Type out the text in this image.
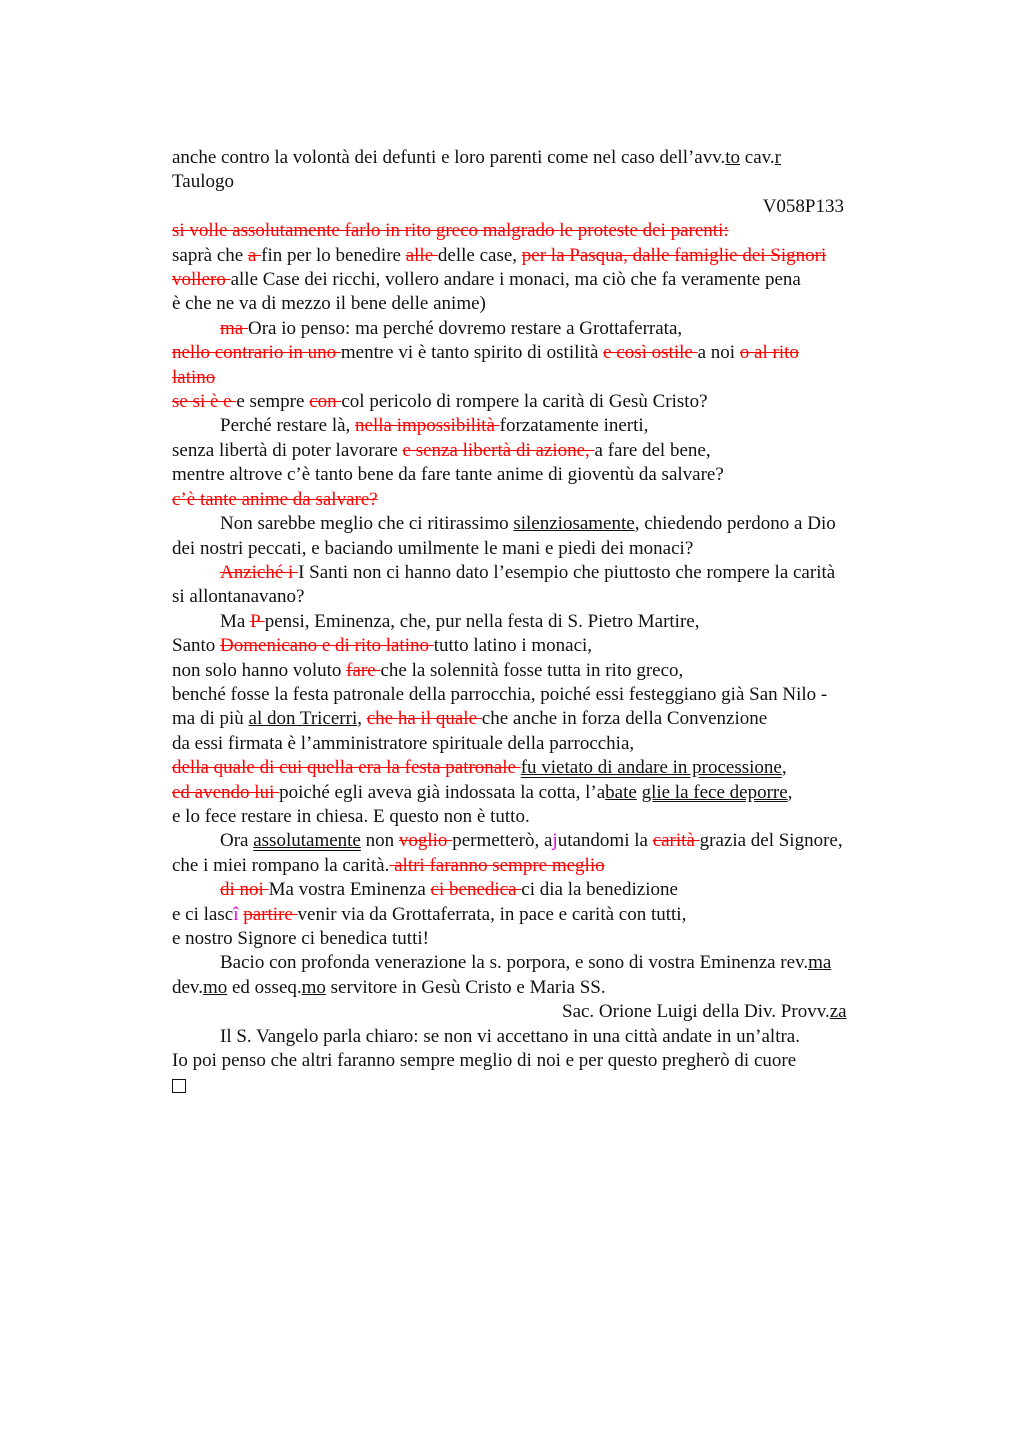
anche contro la volontà dei defunti e loro parenti come nel caso dell’avv.to cav.r
Taulogo
V058P133
si volle assolutamente farlo in rito greco malgrado le proteste dei parenti:
saprà che a fin per lo benedire alle delle case, per la Pasqua, dalle famiglie dei Signori
vollero alle Case dei ricchi, vollero andare i monaci, ma ciò che fa veramente pena
è che ne va di mezzo il bene delle anime)
ma Ora io penso: ma perché dovremo restare a Grottaferrata,
nello contrario in uno mentre vi è tanto spirito di ostilità e così ostile a noi o al rito
latino
se si è e e sempre con col pericolo di rompere la carità di Gesù Cristo?
Perché restare là, nella impossibilità forzatamente inerti,
senza libertà di poter lavorare e senza libertà di azione, a fare del bene,
mentre altrove c’è tanto bene da fare tante anime di gioventù da salvare?
c’è tante anime da salvare?
Non sarebbe meglio che ci ritirassimo silenziosamente, chiedendo perdono a Dio
dei nostri peccati, e baciando umilmente le mani e piedi dei monaci?
Anziché i I Santi non ci hanno dato l’esempio che piuttosto che rompere la carità
si allontanavano?
Ma P pensi, Eminenza, che, pur nella festa di S. Pietro Martire,
Santo Domenicano e di rito latino tutto latino i monaci,
non solo hanno voluto fare che la solennità fosse tutta in rito greco,
benché fosse la festa patronale della parrocchia, poiché essi festeggiano già San Nilo -
ma di più al don Tricerri, che ha il quale che anche in forza della Convenzione
da essi firmata è l’amministratore spirituale della parrocchia,
della quale di cui quella era la festa patronale fu vietato di andare in processione,
ed avendo lui poiché egli aveva già indossata la cotta, l’abate glie la fece deporre,
e lo fece restare in chiesa. E questo non è tutto.
Ora assolutamente non voglio permetterò, ajutandomi la carità grazia del Signore,
che i miei rompano la carità. altri faranno sempre meglio
di noi Ma vostra Eminenza ci benedica ci dia la benedizione
e ci lascî partire venir via da Grottaferrata, in pace e carità con tutti,
e nostro Signore ci benedica tutti!
Bacio con profonda venerazione la s. porpora, e sono di vostra Eminenza rev.ma
dev.mo ed osseq.mo servitore in Gesù Cristo e Maria SS.
Sac. Orione Luigi della Div. Provv.za
Il S. Vangelo parla chiaro: se non vi accettano in una città andate in un’altra.
Io poi penso che altri faranno sempre meglio di noi e per questo pregherò di cuore
